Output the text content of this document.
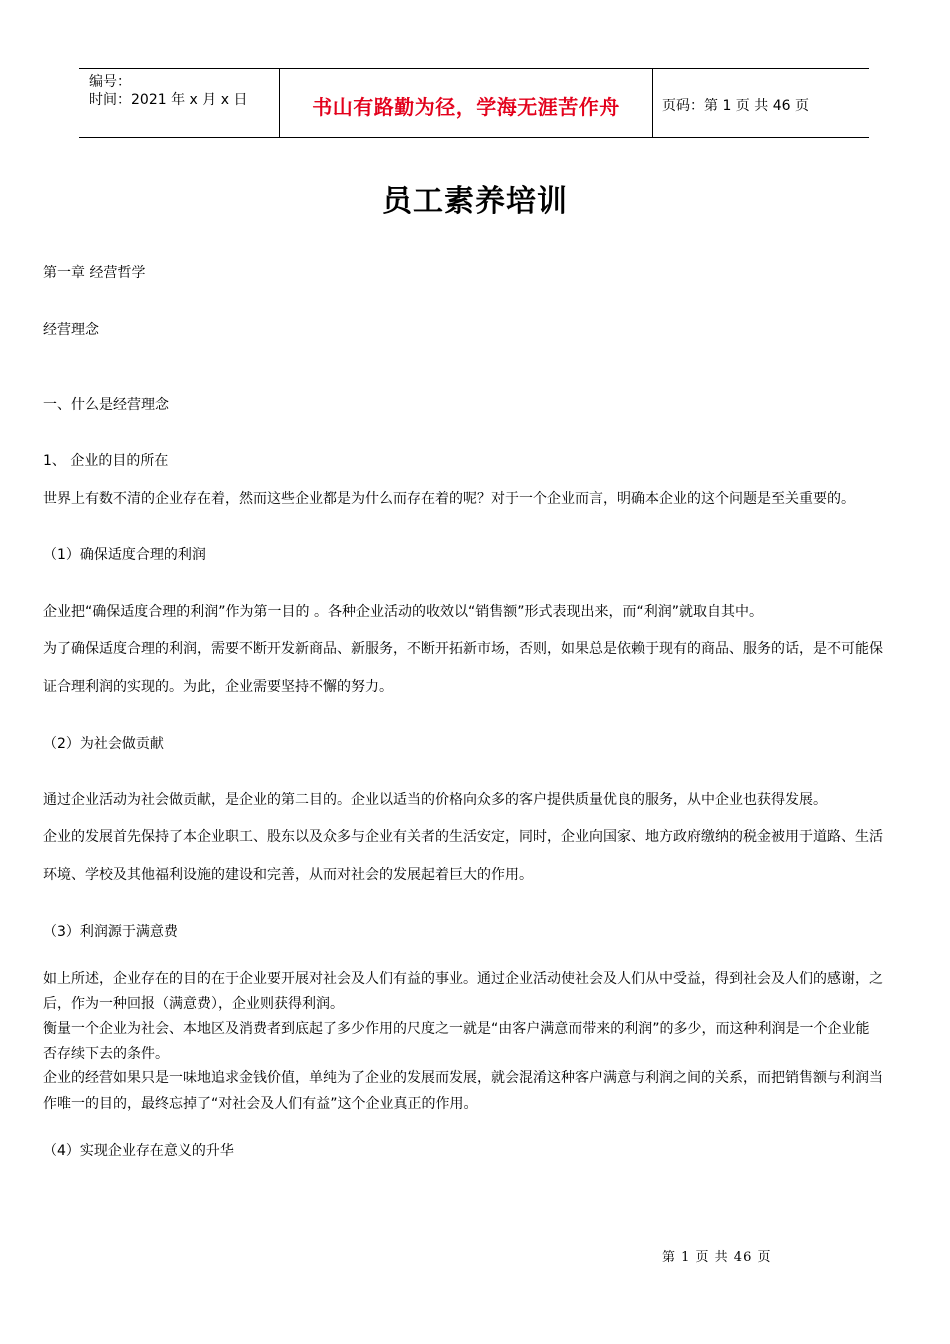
编号：
时间：2021 年 x 月 x 日	书山有路勤为径，学海无涯苦作舟	页码：第 1 页 共 46 页
员工素养培训
第一章 经营哲学
经营理念
一、什么是经营理念
1、 企业的目的所在
世界上有数不清的企业存在着，然而这些企业都是为什么而存在着的呢？对于一个企业而言，明确本企业的这个问题是至关重要的。
（1）确保适度合理的利润
企业把“确保适度合理的利润”作为第一目的 。各种企业活动的收效以“销售额”形式表现出来，而“利润”就取自其中。
为了确保适度合理的利润，需要不断开发新商品、新服务，不断开拓新市场，否则，如果总是依赖于现有的商品、服务的话，是不可能保
证合理利润的实现的。为此，企业需要坚持不懈的努力。
（2）为社会做贡献
通过企业活动为社会做贡献，是企业的第二目的。企业以适当的价格向众多的客户提供质量优良的服务，从中企业也获得发展。
企业的发展首先保持了本企业职工、股东以及众多与企业有关者的生活安定，同时，企业向国家、地方政府缴纳的税金被用于道路、生活
环境、学校及其他福利设施的建设和完善，从而对社会的发展起着巨大的作用。
（3）利润源于满意费
如上所述，企业存在的目的在于企业要开展对社会及人们有益的事业。通过企业活动使社会及人们从中受益，得到社会及人们的感谢，之
后，作为一种回报（满意费），企业则获得利润。
衡量一个企业为社会、本地区及消费者到底起了多少作用的尺度之一就是“由客户满意而带来的利润”的多少，而这种利润是一个企业能
否存续下去的条件。
企业的经营如果只是一味地追求金钱价值，单纯为了企业的发展而发展，就会混淆这种客户满意与利润之间的关系，而把销售额与利润当
作唯一的目的，最终忘掉了“对社会及人们有益”这个企业真正的作用。
（4）实现企业存在意义的升华
第 1 页 共 46 页
